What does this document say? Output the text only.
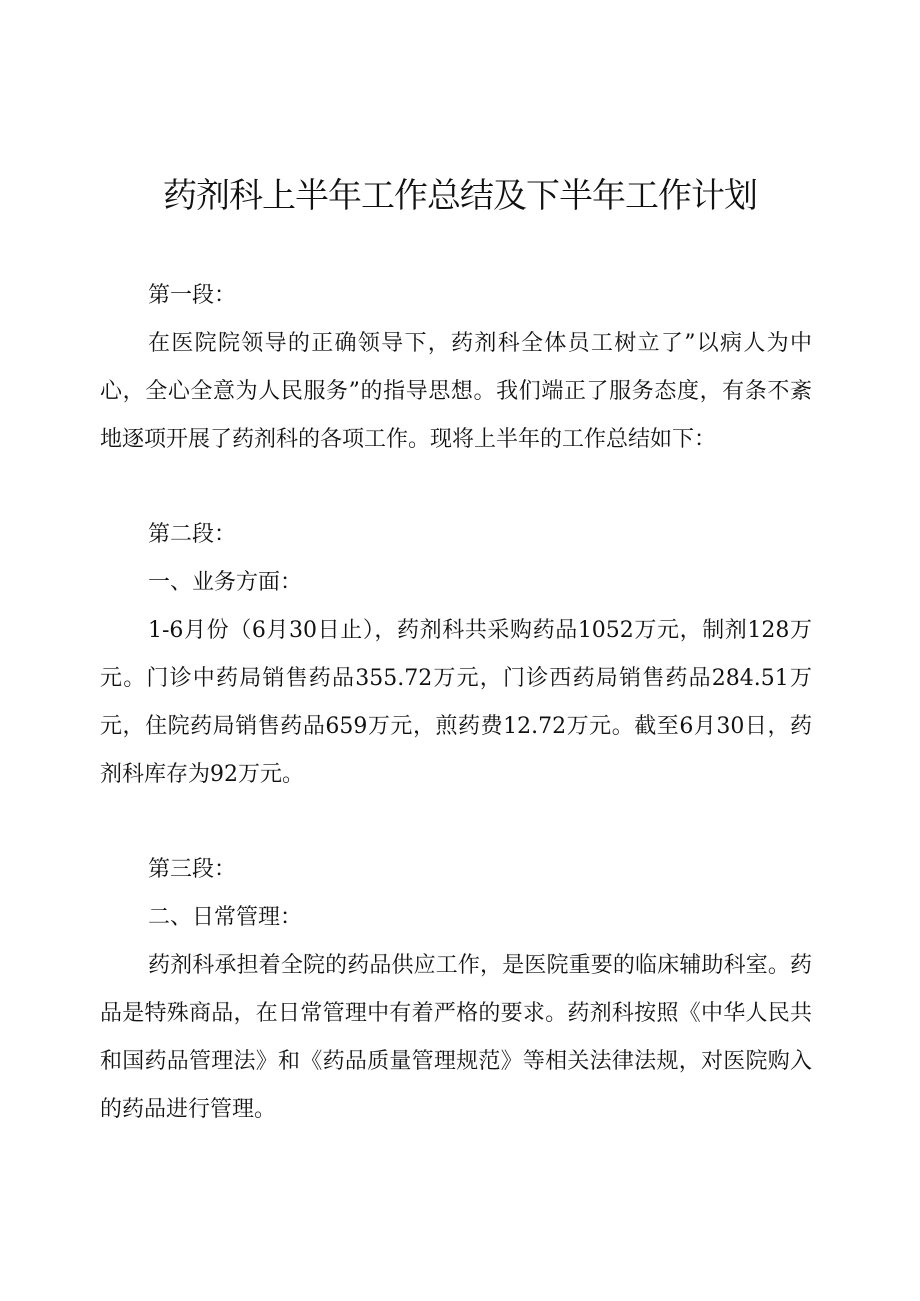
药剂科上半年工作总结及下半年工作计划

第一段：

在医院院领导的正确领导下，药剂科全体员工树立了”以病人为中心，全心全意为人民服务”的指导思想。我们端正了服务态度，有条不紊地逐项开展了药剂科的各项工作。现将上半年的工作总结如下：

第二段：

一、业务方面：

1-6月份（6月30日止），药剂科共采购药品1052万元，制剂128万元。门诊中药局销售药品355.72万元，门诊西药局销售药品284.51万元，住院药局销售药品659万元，煎药费12.72万元。截至6月30日，药剂科库存为92万元。

第三段：

二、日常管理：

药剂科承担着全院的药品供应工作，是医院重要的临床辅助科室。药品是特殊商品，在日常管理中有着严格的要求。药剂科按照《中华人民共和国药品管理法》和《药品质量管理规范》等相关法律法规，对医院购入的药品进行管理。
